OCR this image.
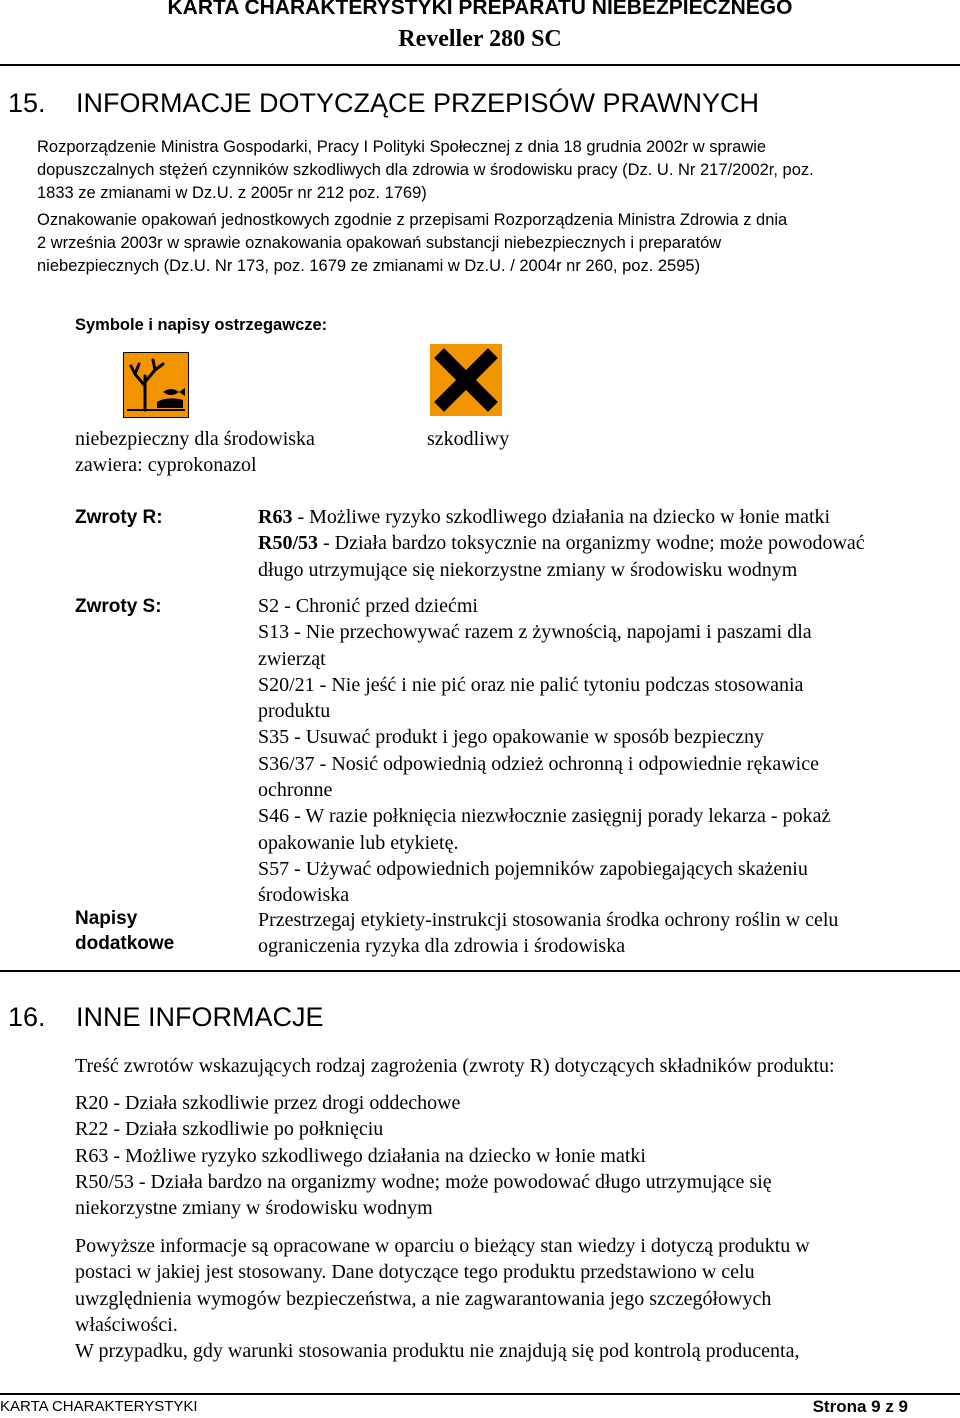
KARTA CHARAKTERYSTYKI PREPARATU NIEBEZPIECZNEGO
Reveller 280 SC
15. INFORMACJE DOTYCZĄCE PRZEPISÓW PRAWNYCH
Rozporządzenie Ministra Gospodarki, Pracy I Polityki Społecznej z dnia 18 grudnia 2002r w sprawie
dopuszczalnych stężeń czynników szkodliwych dla zdrowia w środowisku pracy (Dz. U. Nr 217/2002r, poz.
1833 ze zmianami w Dz.U. z 2005r nr 212 poz. 1769)
Oznakowanie opakowań jednostkowych zgodnie z przepisami Rozporządzenia Ministra Zdrowia z dnia
2 września 2003r w sprawie oznakowania opakowań substancji niebezpiecznych i preparatów
niebezpiecznych (Dz.U. Nr 173, poz. 1679 ze zmianami w Dz.U. / 2004r nr 260, poz. 2595)
Symbole i napisy ostrzegawcze:
niebezpieczny dla środowiska
zawiera: cyprokonazol
szkodliwy
Zwroty R:	R63 - Możliwe ryzyko szkodliwego działania na dziecko w łonie matki
R50/53 - Działa bardzo toksycznie na organizmy wodne; może powodować
długo utrzymujące się niekorzystne zmiany w środowisku wodnym
Zwroty S:	S2 - Chronić przed dziećmi
S13 - Nie przechowywać razem z żywnością, napojami i paszami dla
zwierząt
S20/21 - Nie jeść i nie pić oraz nie palić tytoniu podczas stosowania
produktu
S35 - Usuwać produkt i jego opakowanie w sposób bezpieczny
S36/37 - Nosić odpowiednią odzież ochronną i odpowiednie rękawice
ochronne
S46 - W razie połknięcia niezwłocznie zasięgnij porady lekarza - pokaż
opakowanie lub etykietę.
S57 - Używać odpowiednich pojemników zapobiegających skażeniu
środowiska
Napisy
dodatkowe
Przestrzegaj etykiety-instrukcji stosowania środka ochrony roślin w celu
ograniczenia ryzyka dla zdrowia i środowiska
16. INNE INFORMACJE
Treść zwrotów wskazujących rodzaj zagrożenia (zwroty R) dotyczących składników produktu:
R20 - Działa szkodliwie przez drogi oddechowe
R22 - Działa szkodliwie po połknięciu
R63 - Możliwe ryzyko szkodliwego działania na dziecko w łonie matki
R50/53 - Działa bardzo na organizmy wodne; może powodować długo utrzymujące się
niekorzystne zmiany w środowisku wodnym
Powyższe informacje są opracowane w oparciu o bieżący stan wiedzy i dotyczą produktu w
postaci w jakiej jest stosowany. Dane dotyczące tego produktu przedstawiono w celu
uwzględnienia wymogów bezpieczeństwa, a nie zagwarantowania jego szczegółowych
właściwości.
W przypadku, gdy warunki stosowania produktu nie znajdują się pod kontrolą producenta,
KARTA CHARAKTERYSTYKI	Strona 9 z 9
